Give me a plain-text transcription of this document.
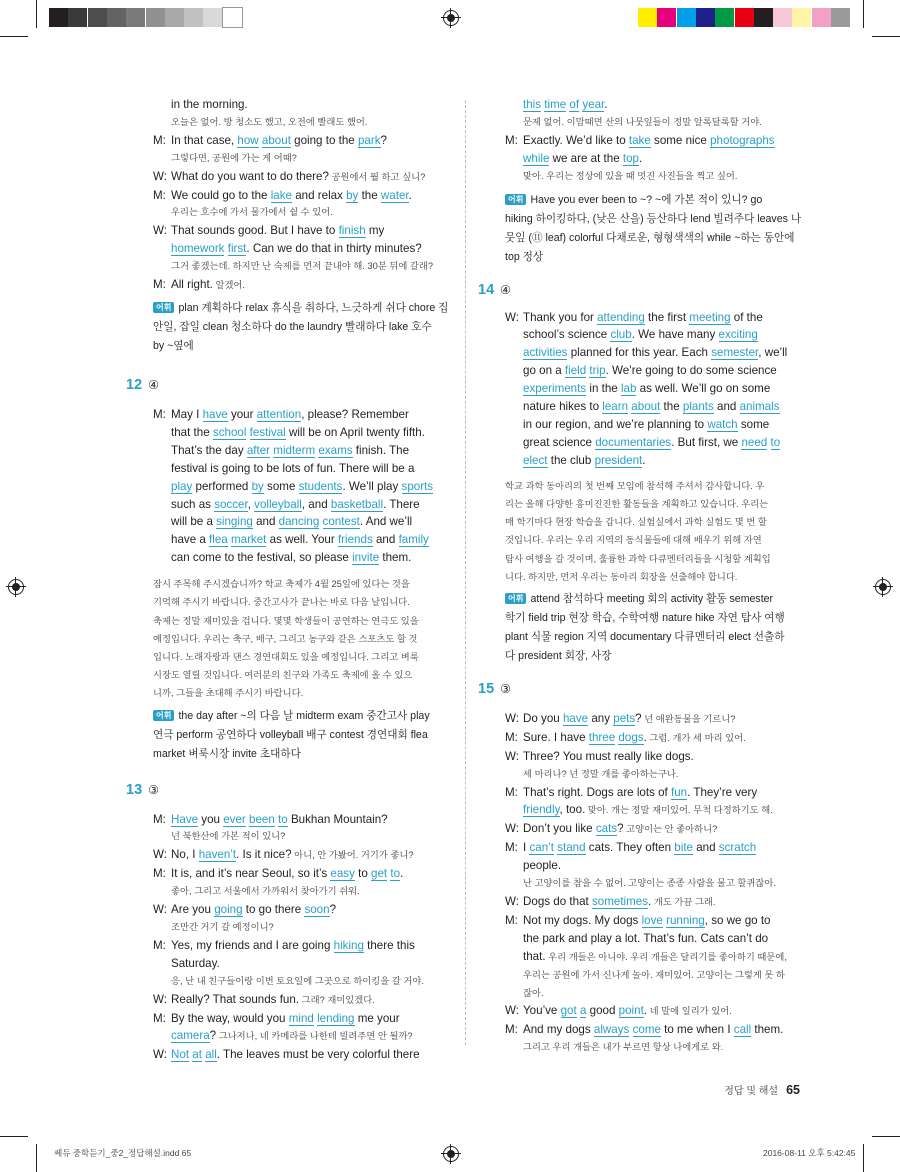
in the morning.
오늘은 없어. 방 청소도 했고, 오전에 빨래도 했어.
M: In that case, how about going to the park?
그렇다면, 공원에 가는 게 어때?
W: What do you want to do there? 공원에서 뭘 하고 싶니?
M: We could go to the lake and relax by the water.
우리는 호수에 가서 물가에서 쉴 수 있어.
W: That sounds good. But I have to finish my
homework first. Can we do that in thirty minutes?
그거 좋겠는데. 하지만 난 숙제를 먼저 끝내야 해. 30분 뒤에 갈래?
M: All right. 알겠어.
어휘 plan 계획하다 relax 휴식을 취하다, 느긋하게 쉬다 chore 집
안일, 잡일 clean 청소하다 do the laundry 빨래하다 lake 호수
by ~옆에
12 ④
M: May I have your attention, please? Remember
that the school festival will be on April twenty fifth.
That’s the day after midterm exams finish. The
festival is going to be lots of fun. There will be a
play performed by some students. We’ll play sports
such as soccer, volleyball, and basketball. There
will be a singing and dancing contest. And we’ll
have a flea market as well. Your friends and family
can come to the festival, so please invite them.
잠시 주목해 주시겠습니까? 학교 축제가 4월 25일에 있다는 것을
기억해 주시기 바랍니다. 중간고사가 끝나는 바로 다음 날입니다.
축제는 정말 재미있을 겁니다. 몇몇 학생들이 공연하는 연극도 있을
예정입니다. 우리는 축구, 배구, 그리고 농구와 같은 스포츠도 할 것
입니다. 노래자랑과 댄스 경연대회도 있을 예정입니다. 그리고 벼룩
시장도 열릴 것입니다. 여러분의 친구와 가족도 축제에 올 수 있으
니까, 그들을 초대해 주시기 바랍니다.
어휘 the day after ~의 다음 날 midterm exam 중간고사 play
연극 perform 공연하다 volleyball 배구 contest 경연대회 flea
market 벼룩시장 invite 초대하다
13 ③
M: Have you ever been to Bukhan Mountain?
넌 북한산에 가본 적이 있니?
W: No, I haven’t. Is it nice? 아니, 안 가봤어. 거기가 좋니?
M: It is, and it’s near Seoul, so it’s easy to get to.
좋아, 그리고 서울에서 가까워서 찾아가기 쉬워.
W: Are you going to go there soon?
조만간 거기 갈 예정이니?
M: Yes, my friends and I are going hiking there this
Saturday.
응, 난 내 친구들이랑 이번 토요일에 그곳으로 하이킹을 갈 거야.
W: Really? That sounds fun. 그래? 재미있겠다.
M: By the way, would you mind lending me your
camera? 그나저나, 네 카메라를 나한테 빌려주면 안 될까?
W: Not at all. The leaves must be very colorful there
this time of year.
문제 없어. 이맘때면 산의 나뭇잎들이 정말 알록달록할 거야.
M: Exactly. We’d like to take some nice photographs
while we are at the top.
맞아. 우리는 정상에 있을 때 멋진 사진들을 찍고 싶어.
어휘 Have you ever been to ~? ~에 가본 적이 있니? go
hiking 하이킹하다, (낮은 산을) 등산하다 lend 빌려주다 leaves 나
뭇잎 (⑪ leaf) colorful 다채로운, 형형색색의 while ~하는 동안에
top 정상
14 ④
W: Thank you for attending the first meeting of the
school’s science club. We have many exciting
activities planned for this year. Each semester, we’ll
go on a field trip. We’re going to do some science
experiments in the lab as well. We’ll go on some
nature hikes to learn about the plants and animals
in our region, and we’re planning to watch some
great science documentaries. But first, we need to
elect the club president.
학교 과학 동아리의 첫 번째 모임에 참석해 주셔서 감사합니다. 우
리는 올해 다양한 흥미진진한 활동들을 계획하고 있습니다. 우리는
매 학기마다 현장 학습을 갑니다. 실험실에서 과학 실험도 몇 번 할
것입니다. 우리는 우리 지역의 동식물들에 대해 배우기 위해 자연
탐사 여행을 갈 것이며, 훌륭한 과학 다큐멘터리들을 시청할 계획입
니다. 하지만, 먼저 우리는 동아리 회장을 선출해야 합니다.
어휘 attend 참석하다 meeting 회의 activity 활동 semester
학기 field trip 현장 학습, 수학여행 nature hike 자연 탐사 여행
plant 식물 region 지역 documentary 다큐멘터리 elect 선출하
다 president 회장, 사장
15 ③
W: Do you have any pets? 넌 애완동물을 기르니?
M: Sure. I have three dogs. 그럼. 개가 세 마리 있어.
W: Three? You must really like dogs.
세 마리나? 넌 정말 개를 좋아하는구나.
M: That’s right. Dogs are lots of fun. They’re very
friendly, too. 맞아. 개는 정말 재미있어. 무척 다정하기도 해.
W: Don’t you like cats? 고양이는 안 좋아하니?
M: I can’t stand cats. They often bite and scratch
people.
난 고양이를 참을 수 없어. 고양이는 종종 사람을 물고 할퀴잖아.
W: Dogs do that sometimes. 개도 가끔 그래.
M: Not my dogs. My dogs love running, so we go to
the park and play a lot. That’s fun. Cats can’t do
that. 우리 개들은 아니야. 우리 개들은 달리기를 좋아하기 때문에,
우리는 공원에 가서 신나게 놀아. 재미있어. 고양이는 그렇게 못 하
잖아.
W: You’ve got a good point. 네 말에 일리가 있어.
M: And my dogs always come to me when I call them.
그리고 우리 개들은 내가 부르면 항상 나에게로 와.
정답 및 해설 65
쎄듀 중학듣기_중2_정답해설.indd 65	2016-08-11 오후 5:42:45
